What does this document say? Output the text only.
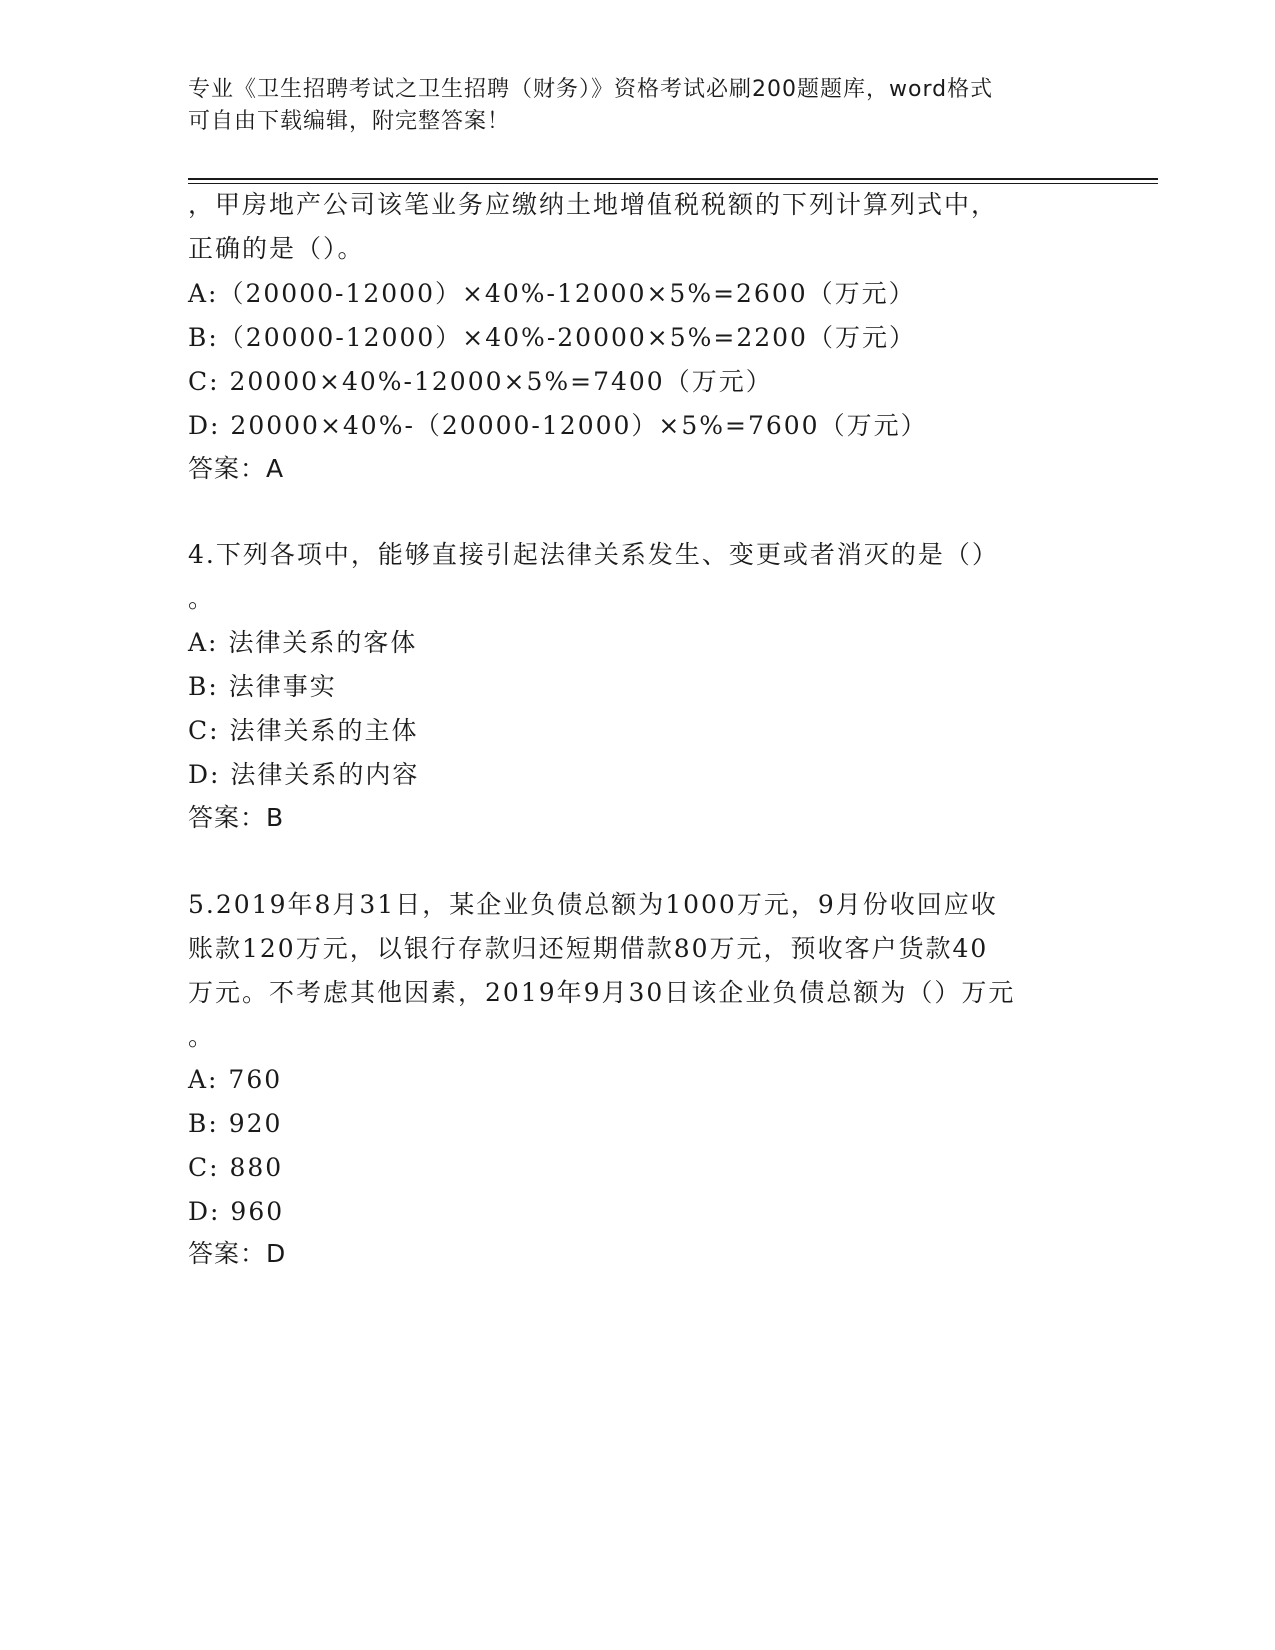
专业《卫生招聘考试之卫生招聘（财务）》资格考试必刷200题题库，word格式
可自由下载编辑，附完整答案！
，甲房地产公司该笔业务应缴纳土地增值税税额的下列计算列式中，
正确的是（）。
A:（20000-12000）×40%-12000×5%=2600（万元）
B:（20000-12000）×40%-20000×5%=2200（万元）
C: 20000×40%-12000×5%=7400（万元）
D: 20000×40%-（20000-12000）×5%=7600（万元）
答案：A
4.下列各项中，能够直接引起法律关系发生、变更或者消灭的是（）
。
A: 法律关系的客体
B: 法律事实
C: 法律关系的主体
D: 法律关系的内容
答案：B
5.2019年8月31日，某企业负债总额为1000万元，9月份收回应收
账款120万元，以银行存款归还短期借款80万元，预收客户货款40
万元。不考虑其他因素，2019年9月30日该企业负债总额为（）万元
。
A: 760
B: 920
C: 880
D: 960
答案：D
